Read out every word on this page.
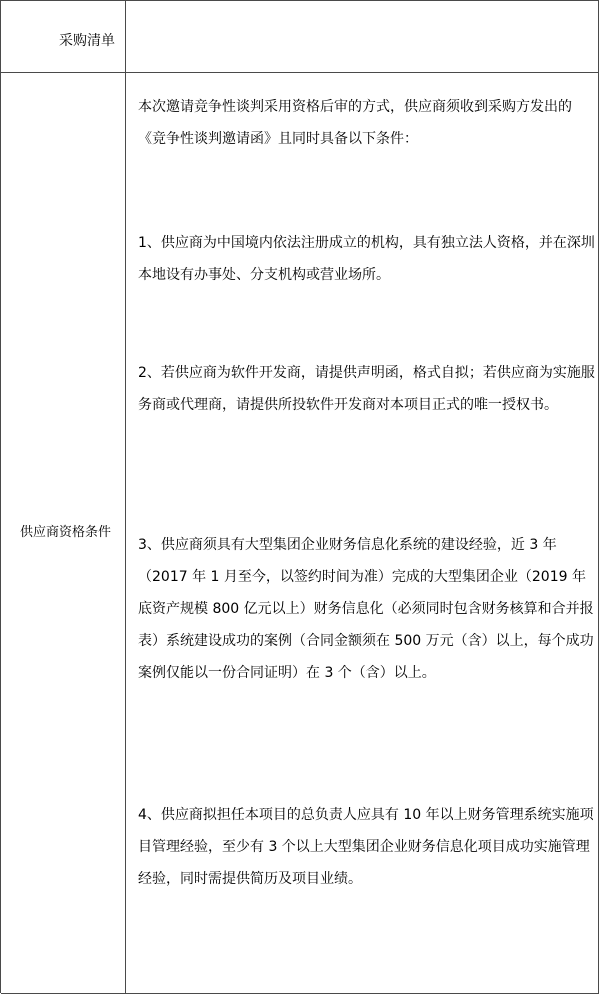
采购清单
供应商资格条件

本次邀请竞争性谈判采用资格后审的方式，供应商须收到采购方发出的《竞争性谈判邀请函》且同时具备以下条件：

1、供应商为中国境内依法注册成立的机构，具有独立法人资格，并在深圳本地设有办事处、分支机构或营业场所。

2、若供应商为软件开发商，请提供声明函，格式自拟；若供应商为实施服务商或代理商，请提供所投软件开发商对本项目正式的唯一授权书。

3、供应商须具有大型集团企业财务信息化系统的建设经验，近 3 年（2017 年 1 月至今，以签约时间为准）完成的大型集团企业（2019 年底资产规模 800 亿元以上）财务信息化（必须同时包含财务核算和合并报表）系统建设成功的案例（合同金额须在 500 万元（含）以上，每个成功案例仅能以一份合同证明）在 3 个（含）以上。

4、供应商拟担任本项目的总负责人应具有 10 年以上财务管理系统实施项目管理经验，至少有 3 个以上大型集团企业财务信息化项目成功实施管理经验，同时需提供简历及项目业绩。
